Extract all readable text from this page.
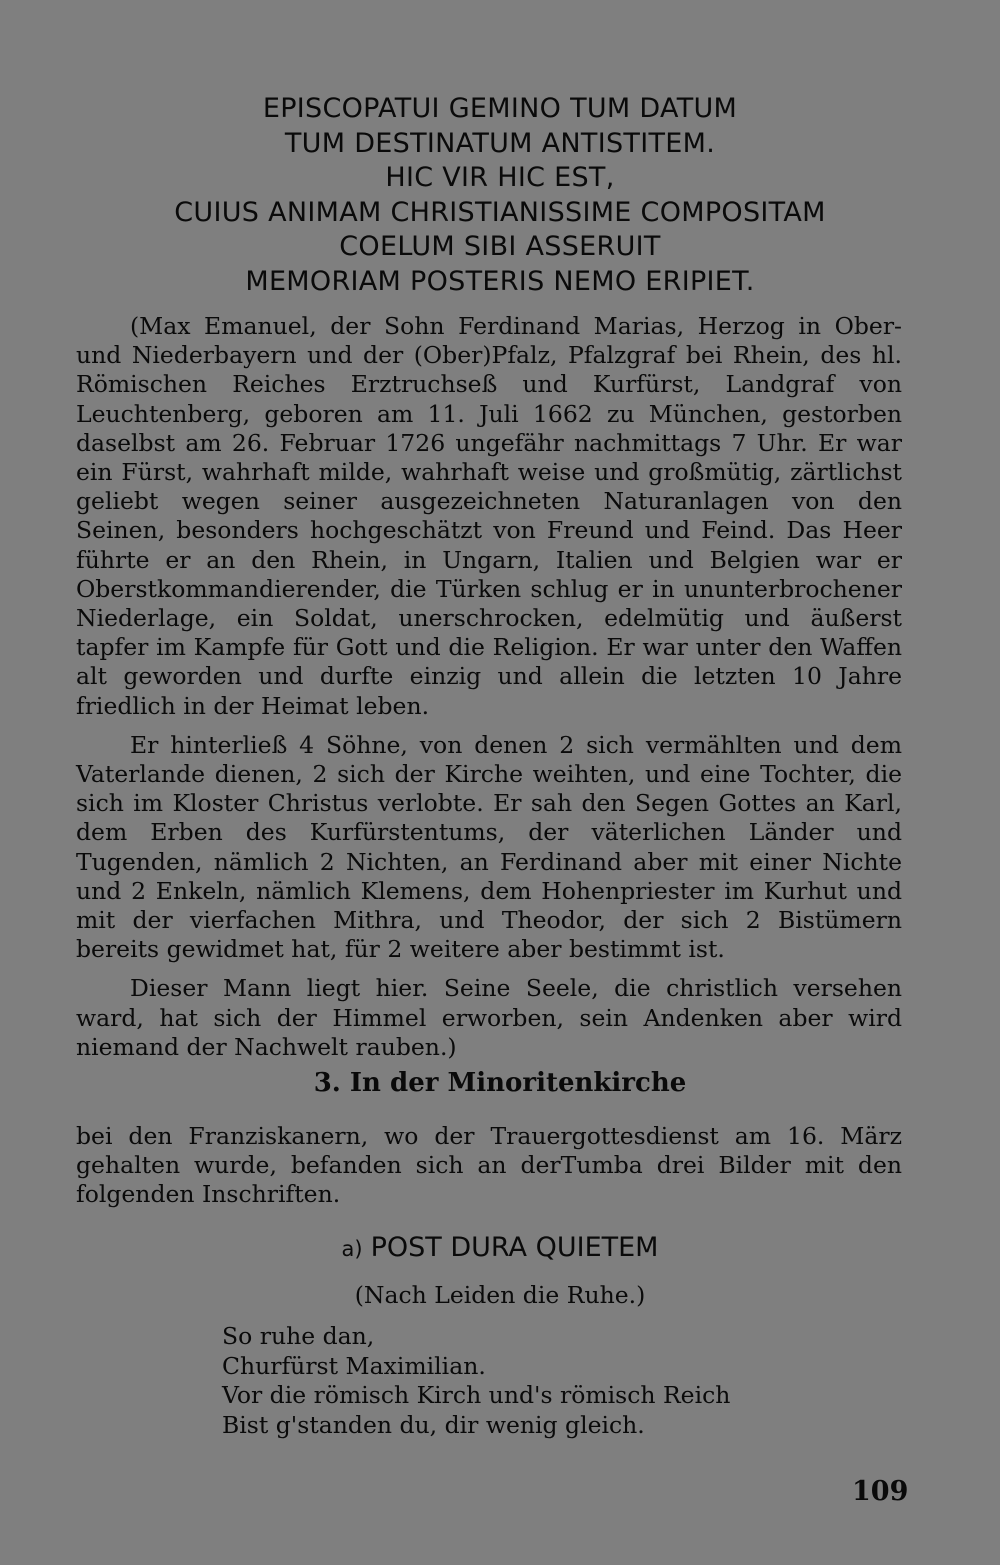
EPISCOPATUI GEMINO TUM DATUM
TUM DESTINATUM ANTISTITEM.
HIC VIR HIC EST,
CUIUS ANIMAM CHRISTIANISSIME COMPOSITAM
COELUM SIBI ASSERUIT
MEMORIAM POSTERIS NEMO ERIPIET.

(Max Emanuel, der Sohn Ferdinand Marias, Herzog in Ober- und Niederbayern und der (Ober)Pfalz, Pfalzgraf bei Rhein, des hl. Römischen Reiches Erztruchseß und Kurfürst, Landgraf von Leuchtenberg, geboren am 11. Juli 1662 zu München, gestorben daselbst am 26. Februar 1726 ungefähr nachmittags 7 Uhr. Er war ein Fürst, wahrhaft milde, wahrhaft weise und großmütig, zärtlichst geliebt wegen seiner ausgezeichneten Naturanlagen von den Seinen, besonders hochgeschätzt von Freund und Feind. Das Heer führte er an den Rhein, in Ungarn, Italien und Belgien war er Oberstkommandierender, die Türken schlug er in ununterbrochener Niederlage, ein Soldat, unerschrocken, edelmütig und äußerst tapfer im Kampfe für Gott und die Religion. Er war unter den Waffen alt geworden und durfte einzig und allein die letzten 10 Jahre friedlich in der Heimat leben.

Er hinterließ 4 Söhne, von denen 2 sich vermählten und dem Vaterlande dienen, 2 sich der Kirche weihten, und eine Tochter, die sich im Kloster Christus verlobte. Er sah den Segen Gottes an Karl, dem Erben des Kurfürstentums, der väterlichen Länder und Tugenden, nämlich 2 Nichten, an Ferdinand aber mit einer Nichte und 2 Enkeln, nämlich Klemens, dem Hohenpriester im Kurhut und mit der vierfachen Mithra, und Theodor, der sich 2 Bistümern bereits gewidmet hat, für 2 weitere aber bestimmt ist.

Dieser Mann liegt hier. Seine Seele, die christlich versehen ward, hat sich der Himmel erworben, sein Andenken aber wird niemand der Nachwelt rauben.)

3. In der Minoritenkirche

bei den Franziskanern, wo der Trauergottesdienst am 16. März gehalten wurde, befanden sich an derTumba drei Bilder mit den folgenden Inschriften.

a) POST DURA QUIETEM
(Nach Leiden die Ruhe.)
So ruhe dan,
Churfürst Maximilian.
Vor die römisch Kirch und's römisch Reich
Bist g'standen du, dir wenig gleich.
109
